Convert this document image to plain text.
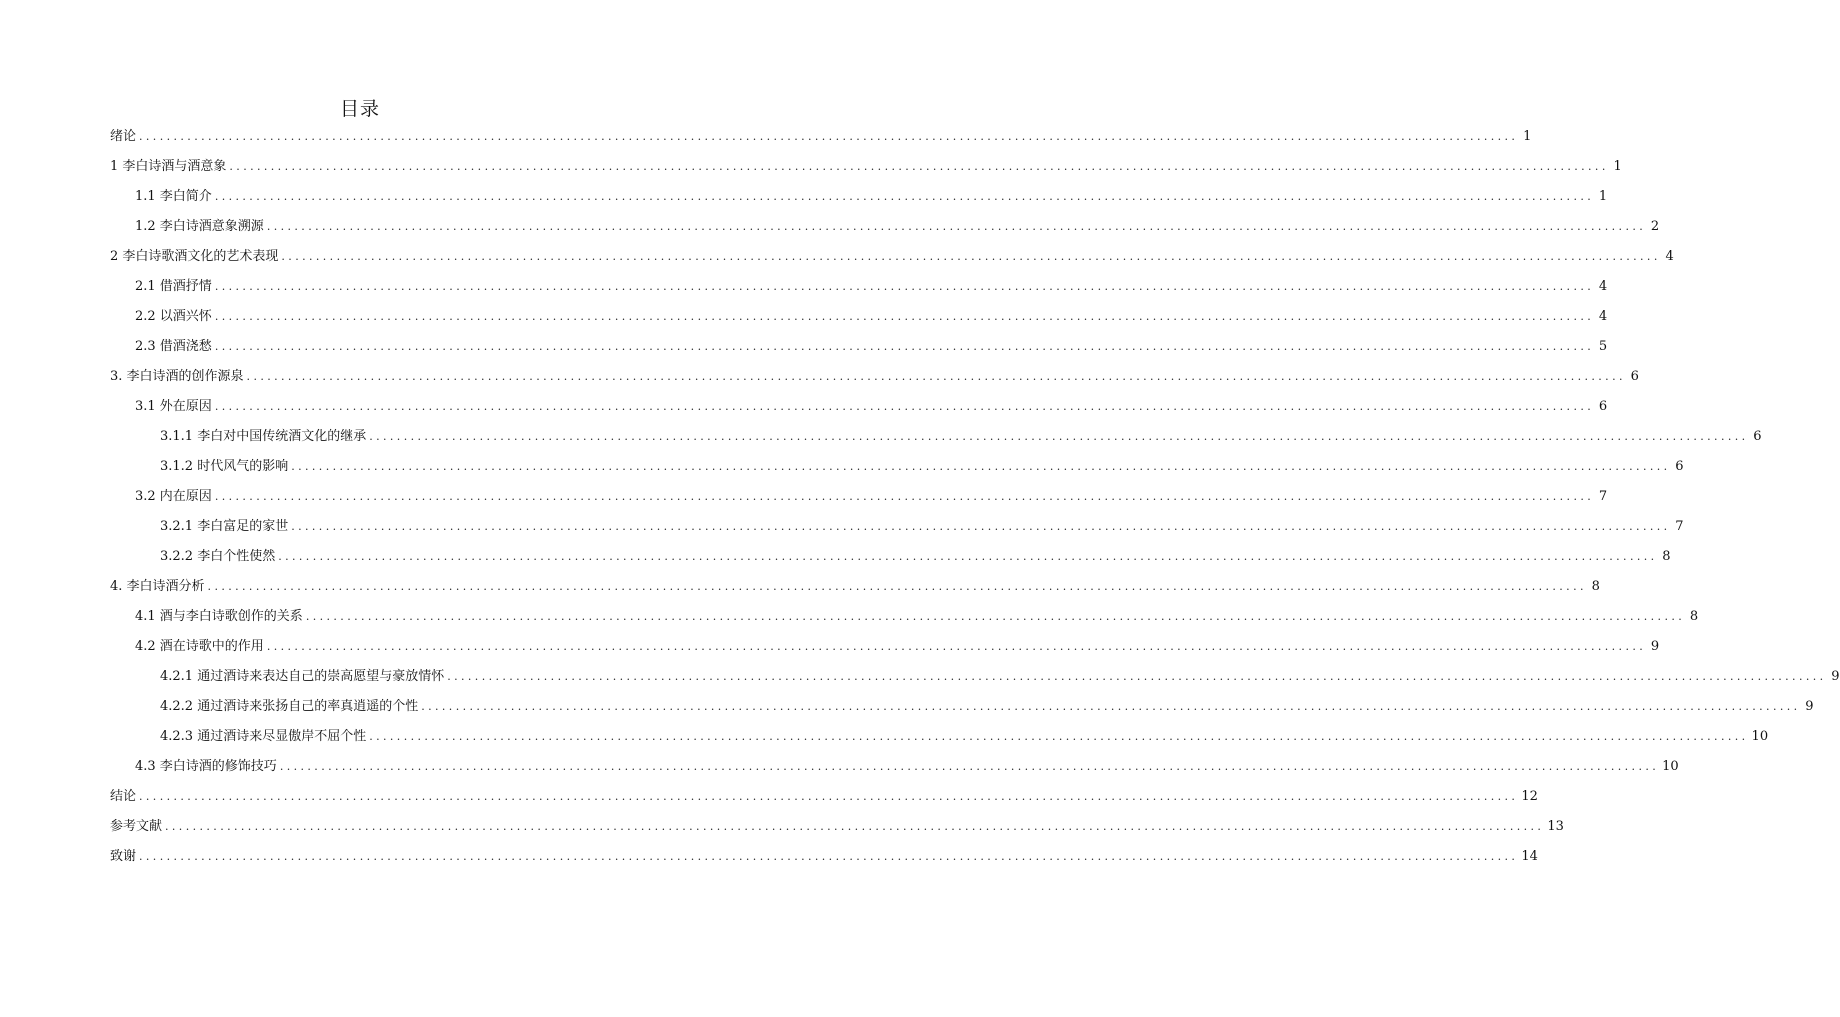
目录
绪论 ........................................................................................................................................................................................................ 1
1 李白诗酒与酒意象 ........................................................................................................................................................................................................ 1
1.1 李白简介 ........................................................................................................................................................................................................ 1
1.2 李白诗酒意象溯源 ........................................................................................................................................................................................................ 2
2 李白诗歌酒文化的艺术表现 ........................................................................................................................................................................................................ 4
2.1 借酒抒情 ........................................................................................................................................................................................................ 4
2.2 以酒兴怀 ........................................................................................................................................................................................................ 4
2.3 借酒浇愁 ........................................................................................................................................................................................................ 5
3. 李白诗酒的创作源泉 ........................................................................................................................................................................................................ 6
3.1 外在原因 ........................................................................................................................................................................................................ 6
3.1.1 李白对中国传统酒文化的继承 ........................................................................................................................................................................................................ 6
3.1.2 时代风气的影响 ........................................................................................................................................................................................................ 6
3.2 内在原因 ........................................................................................................................................................................................................ 7
3.2.1 李白富足的家世 ........................................................................................................................................................................................................ 7
3.2.2 李白个性使然 ........................................................................................................................................................................................................ 8
4. 李白诗酒分析 ........................................................................................................................................................................................................ 8
4.1 酒与李白诗歌创作的关系 ........................................................................................................................................................................................................ 8
4.2 酒在诗歌中的作用 ........................................................................................................................................................................................................ 9
4.2.1 通过酒诗来表达自己的崇高愿望与豪放情怀 ........................................................................................................................................................................................................ 9
4.2.2 通过酒诗来张扬自己的率真逍遥的个性 ........................................................................................................................................................................................................ 9
4.2.3 通过酒诗来尽显傲岸不屈个性 ........................................................................................................................................................................................................ 10
4.3 李白诗酒的修饰技巧 ........................................................................................................................................................................................................ 10
结论 ........................................................................................................................................................................................................ 12
参考文献 ........................................................................................................................................................................................................ 13
致谢 ........................................................................................................................................................................................................ 14
